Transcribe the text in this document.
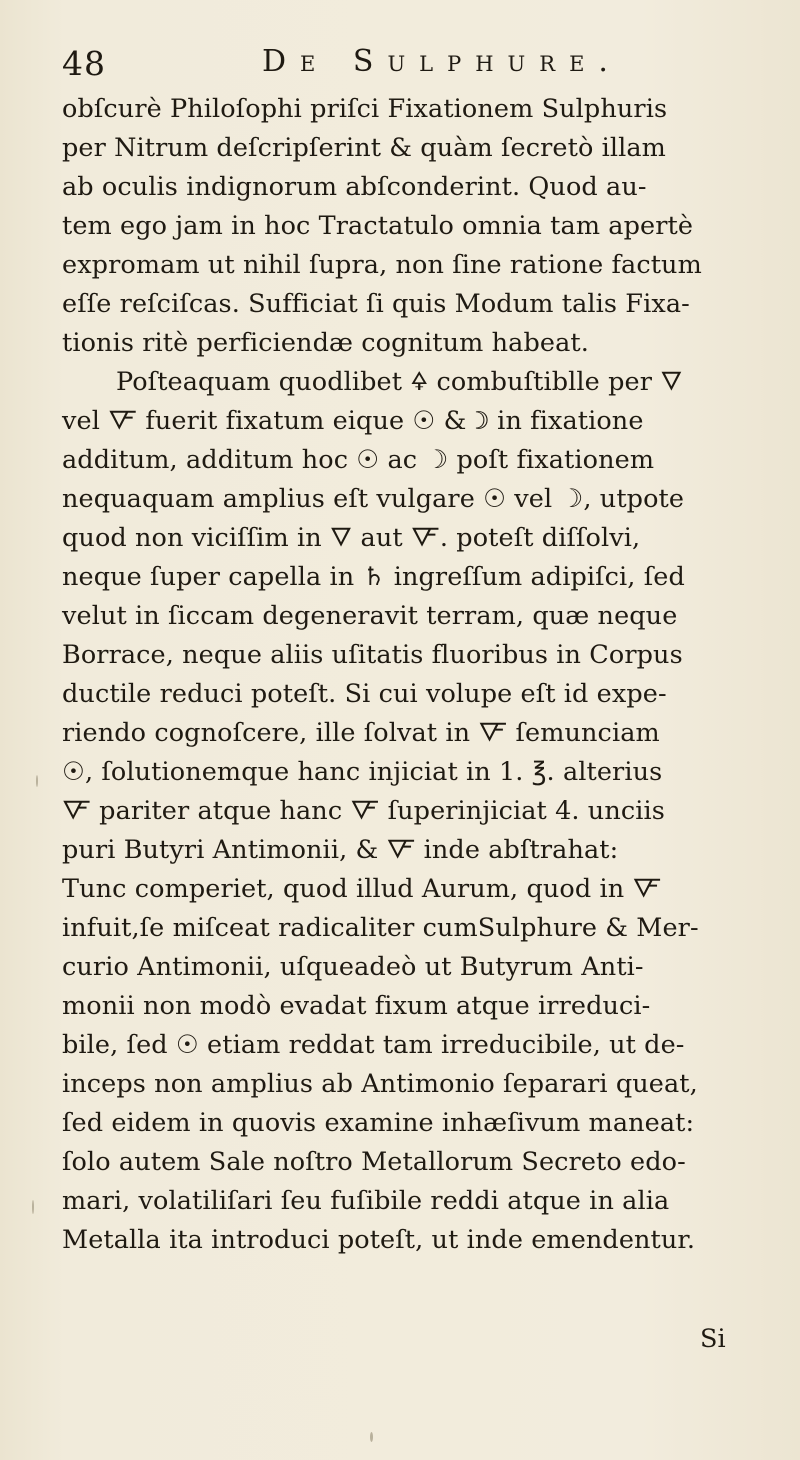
48	De Sulphure.
obſcurè Philoſophi priſci Fixationem Sulphuris
per Nitrum deſcripſerint & quàm ſecretò illam
ab oculis indignorum abſconderint. Quod au-
tem ego jam in hoc Tractatulo omnia tam apertè
expromam ut nihil ſupra, non ſine ratione factum
eſſe reſciſcas. Sufficiat ſi quis Modum talis Fixa-
tionis ritè perficiendæ cognitum habeat.
Poſteaquam quodlibet 🜍 combuſtiblle per 🜄
vel 🜅 fuerit fixatum eique ☉ & ☽ in fixatione
additum, additum hoc ☉ ac ☽ poſt fixationem
nequaquam amplius eſt vulgare ☉ vel ☽, utpote
quod non viciſſim in 🜄 aut 🜅. poteſt diſſolvi,
neque ſuper capella in ♄ ingreſſum adipiſci, ſed
velut in ſiccam degeneravit terram, quæ neque
Borrace, neque aliis uſitatis fluoribus in Corpus
ductile reduci poteſt. Si cui volupe eſt id expe-
riendo cognoſcere, ille ſolvat in 🜅 ſemunciam
☉, ſolutionemque hanc injiciat in 1. ℥. alterius
🜅 pariter atque hanc 🜅 ſuperinjiciat 4. unciis
puri Butyri Antimonii, & 🜅 inde abſtrahat:
Tunc comperiet, quod illud Aurum, quod in 🜅
infuit,ſe miſceat radicaliter cumSulphure & Mer-
curio Antimonii, uſqueadeò ut Butyrum Anti-
monii non modò evadat fixum atque irreduci-
bile, ſed ☉ etiam reddat tam irreducibile, ut de-
inceps non amplius ab Antimonio ſeparari queat,
ſed eidem in quovis examine inhæſivum maneat:
ſolo autem Sale noſtro Metallorum Secreto edo-
mari, volatiliſari ſeu fuſibile reddi atque in alia
Metalla ita introduci poteſt, ut inde emendentur.
Si
